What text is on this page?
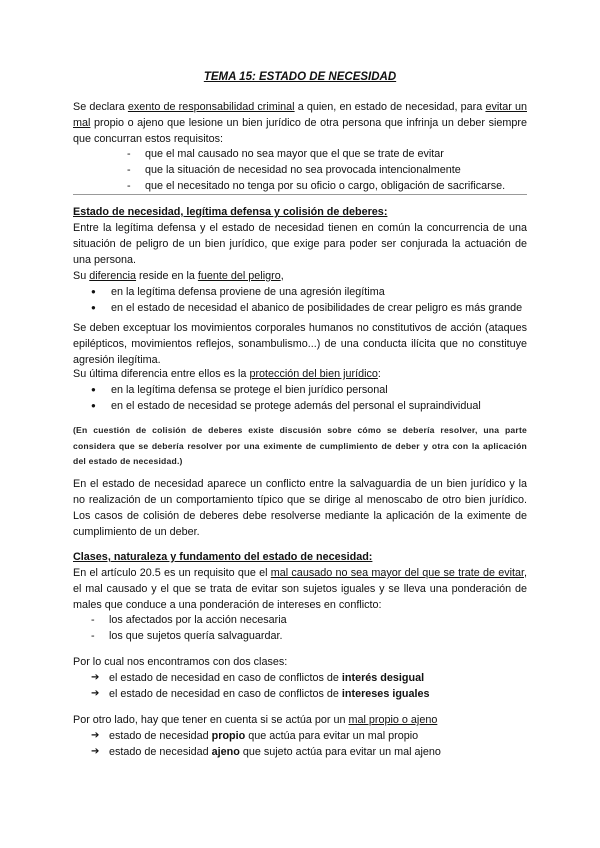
TEMA 15: ESTADO DE NECESIDAD
Se declara exento de responsabilidad criminal a quien, en estado de necesidad, para evitar un mal propio o ajeno que lesione un bien jurídico de otra persona que infrinja un deber siempre que concurran estos requisitos:
- que el mal causado no sea mayor que el que se trate de evitar
- que la situación de necesidad no sea provocada intencionalmente
- que el necesitado no tenga por su oficio o cargo, obligación de sacrificarse.
Estado de necesidad, legítima defensa y colisión de deberes:
Entre la legítima defensa y el estado de necesidad tienen en común la concurrencia de una situación de peligro de un bien jurídico, que exige para poder ser conjurada la actuación de una persona.
Su diferencia reside en la fuente del peligro,
● en la legítima defensa proviene de una agresión ilegítima
● en el estado de necesidad el abanico de posibilidades de crear peligro es más grande
Se deben exceptuar los movimientos corporales humanos no constitutivos de acción (ataques epilépticos, movimientos reflejos, sonambulismo...) de una conducta ilícita que no constituye agresión ilegítima.
Su última diferencia entre ellos es la protección del bien jurídico:
● en la legítima defensa se protege el bien jurídico personal
● en el estado de necesidad se protege además del personal el supraindividual
(En cuestión de colisión de deberes existe discusión sobre cómo se debería resolver, una parte considera que se debería resolver por una eximente de cumplimiento de deber y otra con la aplicación del estado de necesidad.)
En el estado de necesidad aparece un conflicto entre la salvaguardia de un bien jurídico y la no realización de un comportamiento típico que se dirige al menoscabo de otro bien jurídico. Los casos de colisión de deberes debe resolverse mediante la aplicación de la eximente de cumplimiento de un deber.
Clases, naturaleza y fundamento del estado de necesidad:
En el artículo 20.5 es un requisito que el mal causado no sea mayor del que se trate de evitar, el mal causado y el que se trata de evitar son sujetos iguales y se lleva una ponderación de males que conduce a una ponderación de intereses en conflicto:
- los afectados por la acción necesaria
- los que sujetos quería salvaguardar.
Por lo cual nos encontramos con dos clases:
➔ el estado de necesidad en caso de conflictos de interés desigual
➔ el estado de necesidad en caso de conflictos de intereses iguales
Por otro lado, hay que tener en cuenta si se actúa por un mal propio o ajeno
➔ estado de necesidad propio que actúa para evitar un mal propio
➔ estado de necesidad ajeno que sujeto actúa para evitar un mal ajeno
